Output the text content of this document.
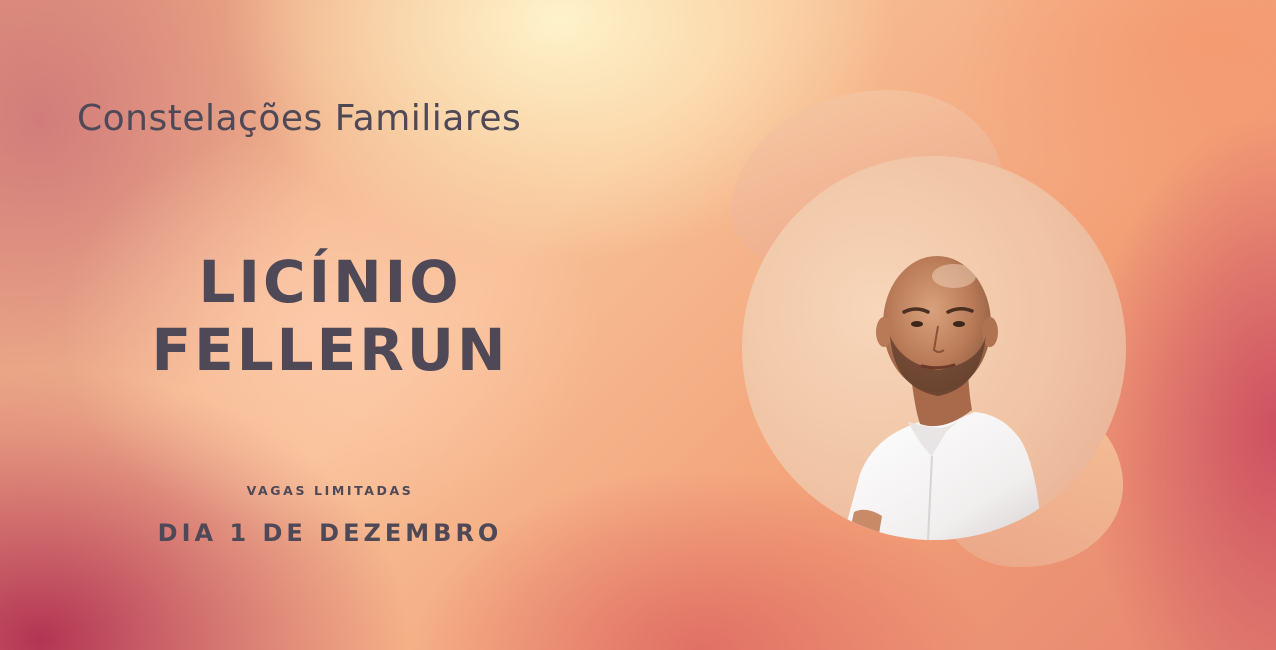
Constelações Familiares
LICÍNIO
FELLERUN
VAGAS LIMITADAS
DIA 1 DE DEZEMBRO
